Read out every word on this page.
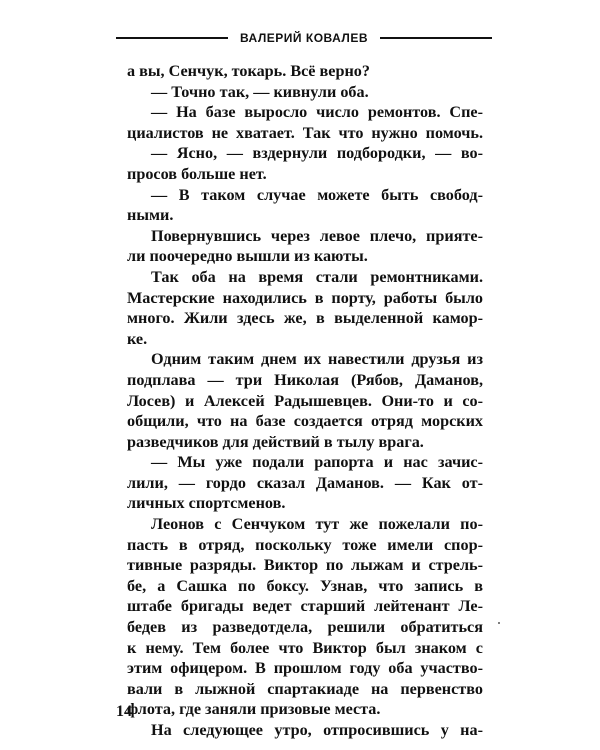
ВАЛЕРИЙ КОВАЛЕВ
а вы, Сенчук, токарь. Всё верно?
— Точно так, — кивнули оба.
— На базе выросло число ремонтов. Спе-
циалистов не хватает. Так что нужно помочь.
— Ясно, — вздернули подбородки, — во-
просов больше нет.
— В таком случае можете быть свобод-
ными.
Повернувшись через левое плечо, прияте-
ли поочередно вышли из каюты.
Так оба на время стали ремонтниками.
Мастерские находились в порту, работы было
много. Жили здесь же, в выделенной камор-
ке.
Одним таким днем их навестили друзья из
подплава — три Николая (Рябов, Даманов,
Лосев) и Алексей Радышевцев. Они-то и со-
общили, что на базе создается отряд морских
разведчиков для действий в тылу врага.
— Мы уже подали рапорта и нас зачис-
лили, — гордо сказал Даманов. — Как от-
личных спортсменов.
Леонов с Сенчуком тут же пожелали по-
пасть в отряд, поскольку тоже имели спор-
тивные разряды. Виктор по лыжам и стрель-
бе, а Сашка по боксу. Узнав, что запись в
штабе бригады ведет старший лейтенант Ле-
бедев из разведотдела, решили обратиться
к нему. Тем более что Виктор был знаком с
этим офицером. В прошлом году оба участво-
вали в лыжной спартакиаде на первенство
флота, где заняли призовые места.
На следующее утро, отпросившись у на-
14
